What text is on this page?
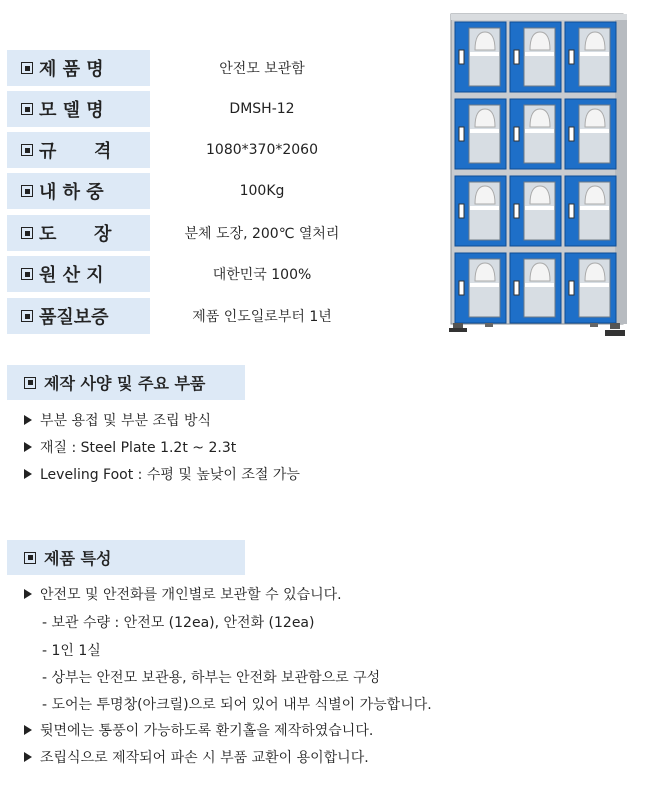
제 품 명	안전모 보관함
모 델 명	DMSH-12
규      격	1080*370*2060
내 하 중	100Kg
도      장	분체 도장, 200℃ 열처리
원 산 지	대한민국 100%
품질보증	제품 인도일로부터 1년
제작 사양 및 주요 부품
부분 용접 및 부분 조립 방식
재질 : Steel Plate 1.2t ~ 2.3t
Leveling Foot : 수평 및 높낮이 조절 가능
제품 특성
안전모 및 안전화를 개인별로 보관할 수 있습니다.
- 보관 수량 : 안전모 (12ea), 안전화 (12ea)
- 1인 1실
- 상부는 안전모 보관용, 하부는 안전화 보관함으로 구성
- 도어는 투명창(아크릴)으로 되어 있어 내부 식별이 가능합니다.
뒷면에는 통풍이 가능하도록 환기홀을 제작하였습니다.
조립식으로 제작되어 파손 시 부품 교환이 용이합니다.
